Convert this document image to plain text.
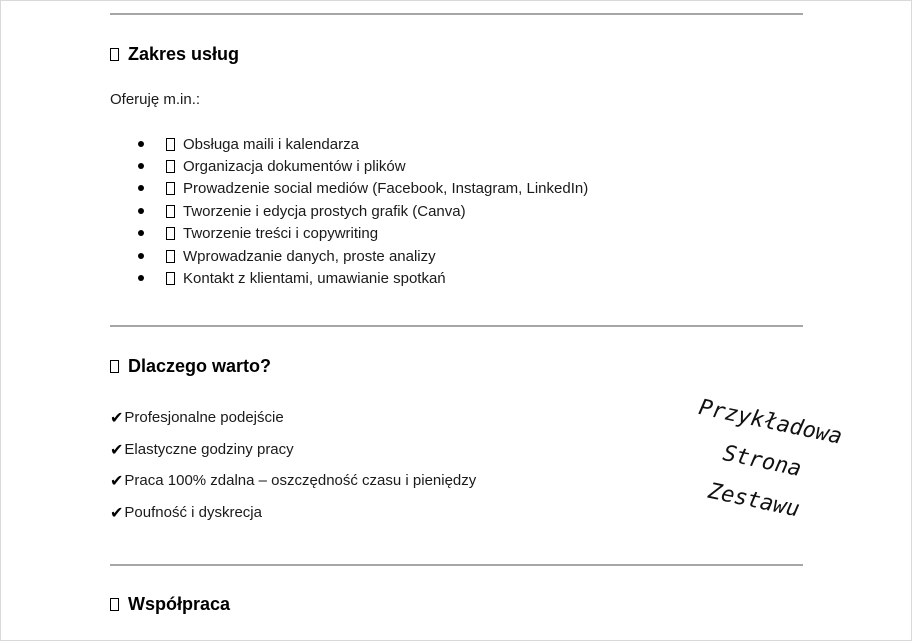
Zakres usług
Oferuję m.in.:
Obsługa maili i kalendarza
Organizacja dokumentów i plików
Prowadzenie social mediów (Facebook, Instagram, LinkedIn)
Tworzenie i edycja prostych grafik (Canva)
Tworzenie treści i copywriting
Wprowadzanie danych, proste analizy
Kontakt z klientami, umawianie spotkań
Dlaczego warto?
✔ Profesjonalne podejście
✔ Elastyczne godziny pracy
✔ Praca 100% zdalna – oszczędność czasu i pieniędzy
✔ Poufność i dyskrecja
Współpraca
Przykładowa
Strona
Zestawu
